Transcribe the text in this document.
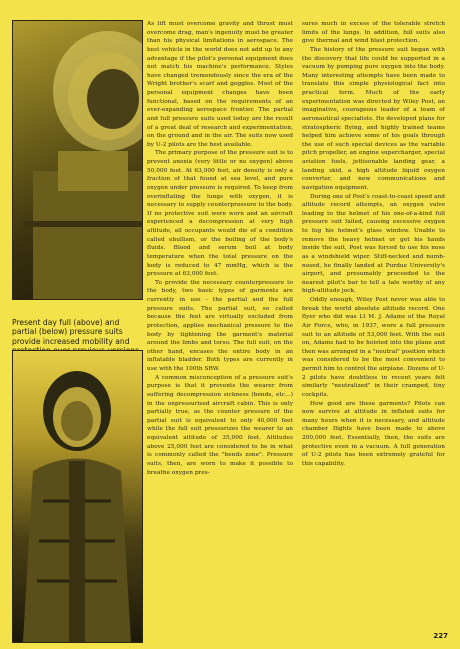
Present day full (above) and partial (below) pressure suits provide increased mobility and

As lift must overcome gravity and thrust must overcome drag, man's ingenuity must be greater than his physical limitations in aerospace. The best vehicle in the world does not add up to any advantage if the pilot's personal equipment does not match his machine's performance. Styles have changed tremendously since the era of the Wright brother's scarf and goggles. Most of the personal equipment changes have been functional, based on the requirements of an ever-expanding aerospace frontier. The partial and full pressure suits used today are the result of a great deal of research and experimentation, on the ground and in the air. The suits now used by U-2 pilots are the best available.

The primary purpose of the pressure suit is to prevent anoxia (very little or no oxygen) above 50,000 feet. At 63,000 feet, air density is only a fraction of that found at sea level, and pure oxygen under pressure is required. To keep from overinflating the lungs with oxygen, it is necessary to supply counterpressure to the body. If no protective suit were worn and an aircraft experienced a decompression at very high altitude, all occupants would die of a condition called ebullism, or the boiling of the body's fluids. Blood and serum boil at body temperature when the total pressure on the body is reduced to 47 mmHg, which is the pressure at 63,000 feet.

To provide the necessary counterpressure to the body, two basic types of garments are currently in use - the partial and the full pressure suits. The partial suit, so called because the feet are virtually excluded from protection, applies mechanical pressure to the body by tightening the garment's material around the limbs and torso. The full suit, on the other hand, encases the entire body in an inflatable bladder. Both types are currently in use with the 100th SRW.

A common misconception of a pressure suit's purpose is that it prevents the wearer from suffering decompression sickness (bends, etc...) in the unpressurized aircraft cabin. This is only partially true, as the counter pressure of the partial suit is equivalent to only 40,000 feet while the full suit pressurizes the wearer to an equivalent altitude of 35,000 feet. Altitudes above 25,000 feet are considered to be in what is commonly called the "bends zone". Pressure suits, then, are worn to make it possible to breathe oxygen pres-

sures much in excess of the tolerable stretch limits of the lungs. In addition, full suits also give thermal and wind blast protection.

The history of the pressure suit began with the discovery that life could be supported in a vacuum by pumping pure oxygen into the body. Many interesting attempts have been made to translate this simple physiological fact into practical form. Much of the early experimentation was directed by Wiley Post, an imaginative, courageous leader of a team of aeronautical specialists. He developed plans for stratospheric flying, and highly trained teams helped him achieve some of his goals through the use of such special devices as the variable pitch propeller, an engine supercharger, special aviation fuels, jettisonable landing gear, a landing skid, a high altitude liquid oxygen converter, and new communications and navigation equipment.

During one of Post's coast-to-coast speed and altitude record attempts, an oxygen valve leading to the helmet of his one-of-a-kind full pressure suit failed, causing excessive oxygen to fog his helmet's glass window. Unable to remove the heavy helmet or get his hands inside the suit, Post was forced to use his nose as a windshield wiper. Stiff-necked and numb-nosed, he finally landed at Purdue University's airport, and presumably proceeded to the nearest pilot's bar to tell a tale worthy of any high-altitude jock.

Oddly enough, Wiley Post never was able to break the world absolute altitude record. One flyer who did was Lt M. J. Adams of the Royal Air Force, who, in 1937, wore a full pressure suit to an altitude of 53,000 feet. With the suit on, Adams had to be hoisted into the plane and then was arranged in a "neutral" position which was considered to be the most convenient to permit him to control the airplane. Dozens of U-2 pilots have doubtless in recent years felt similarly "neutralized" in their cramped, tiny cockpits.

How good are these garments? Pilots can now survive at altitude in inflated suits for many hours when it is necessary, and altitude chamber flights have been made to above 200,000 feet. Essentially, then, the suits are protective even in a vacuum. A full generation of U-2 pilots has been extremely grateful for this capability.

227
